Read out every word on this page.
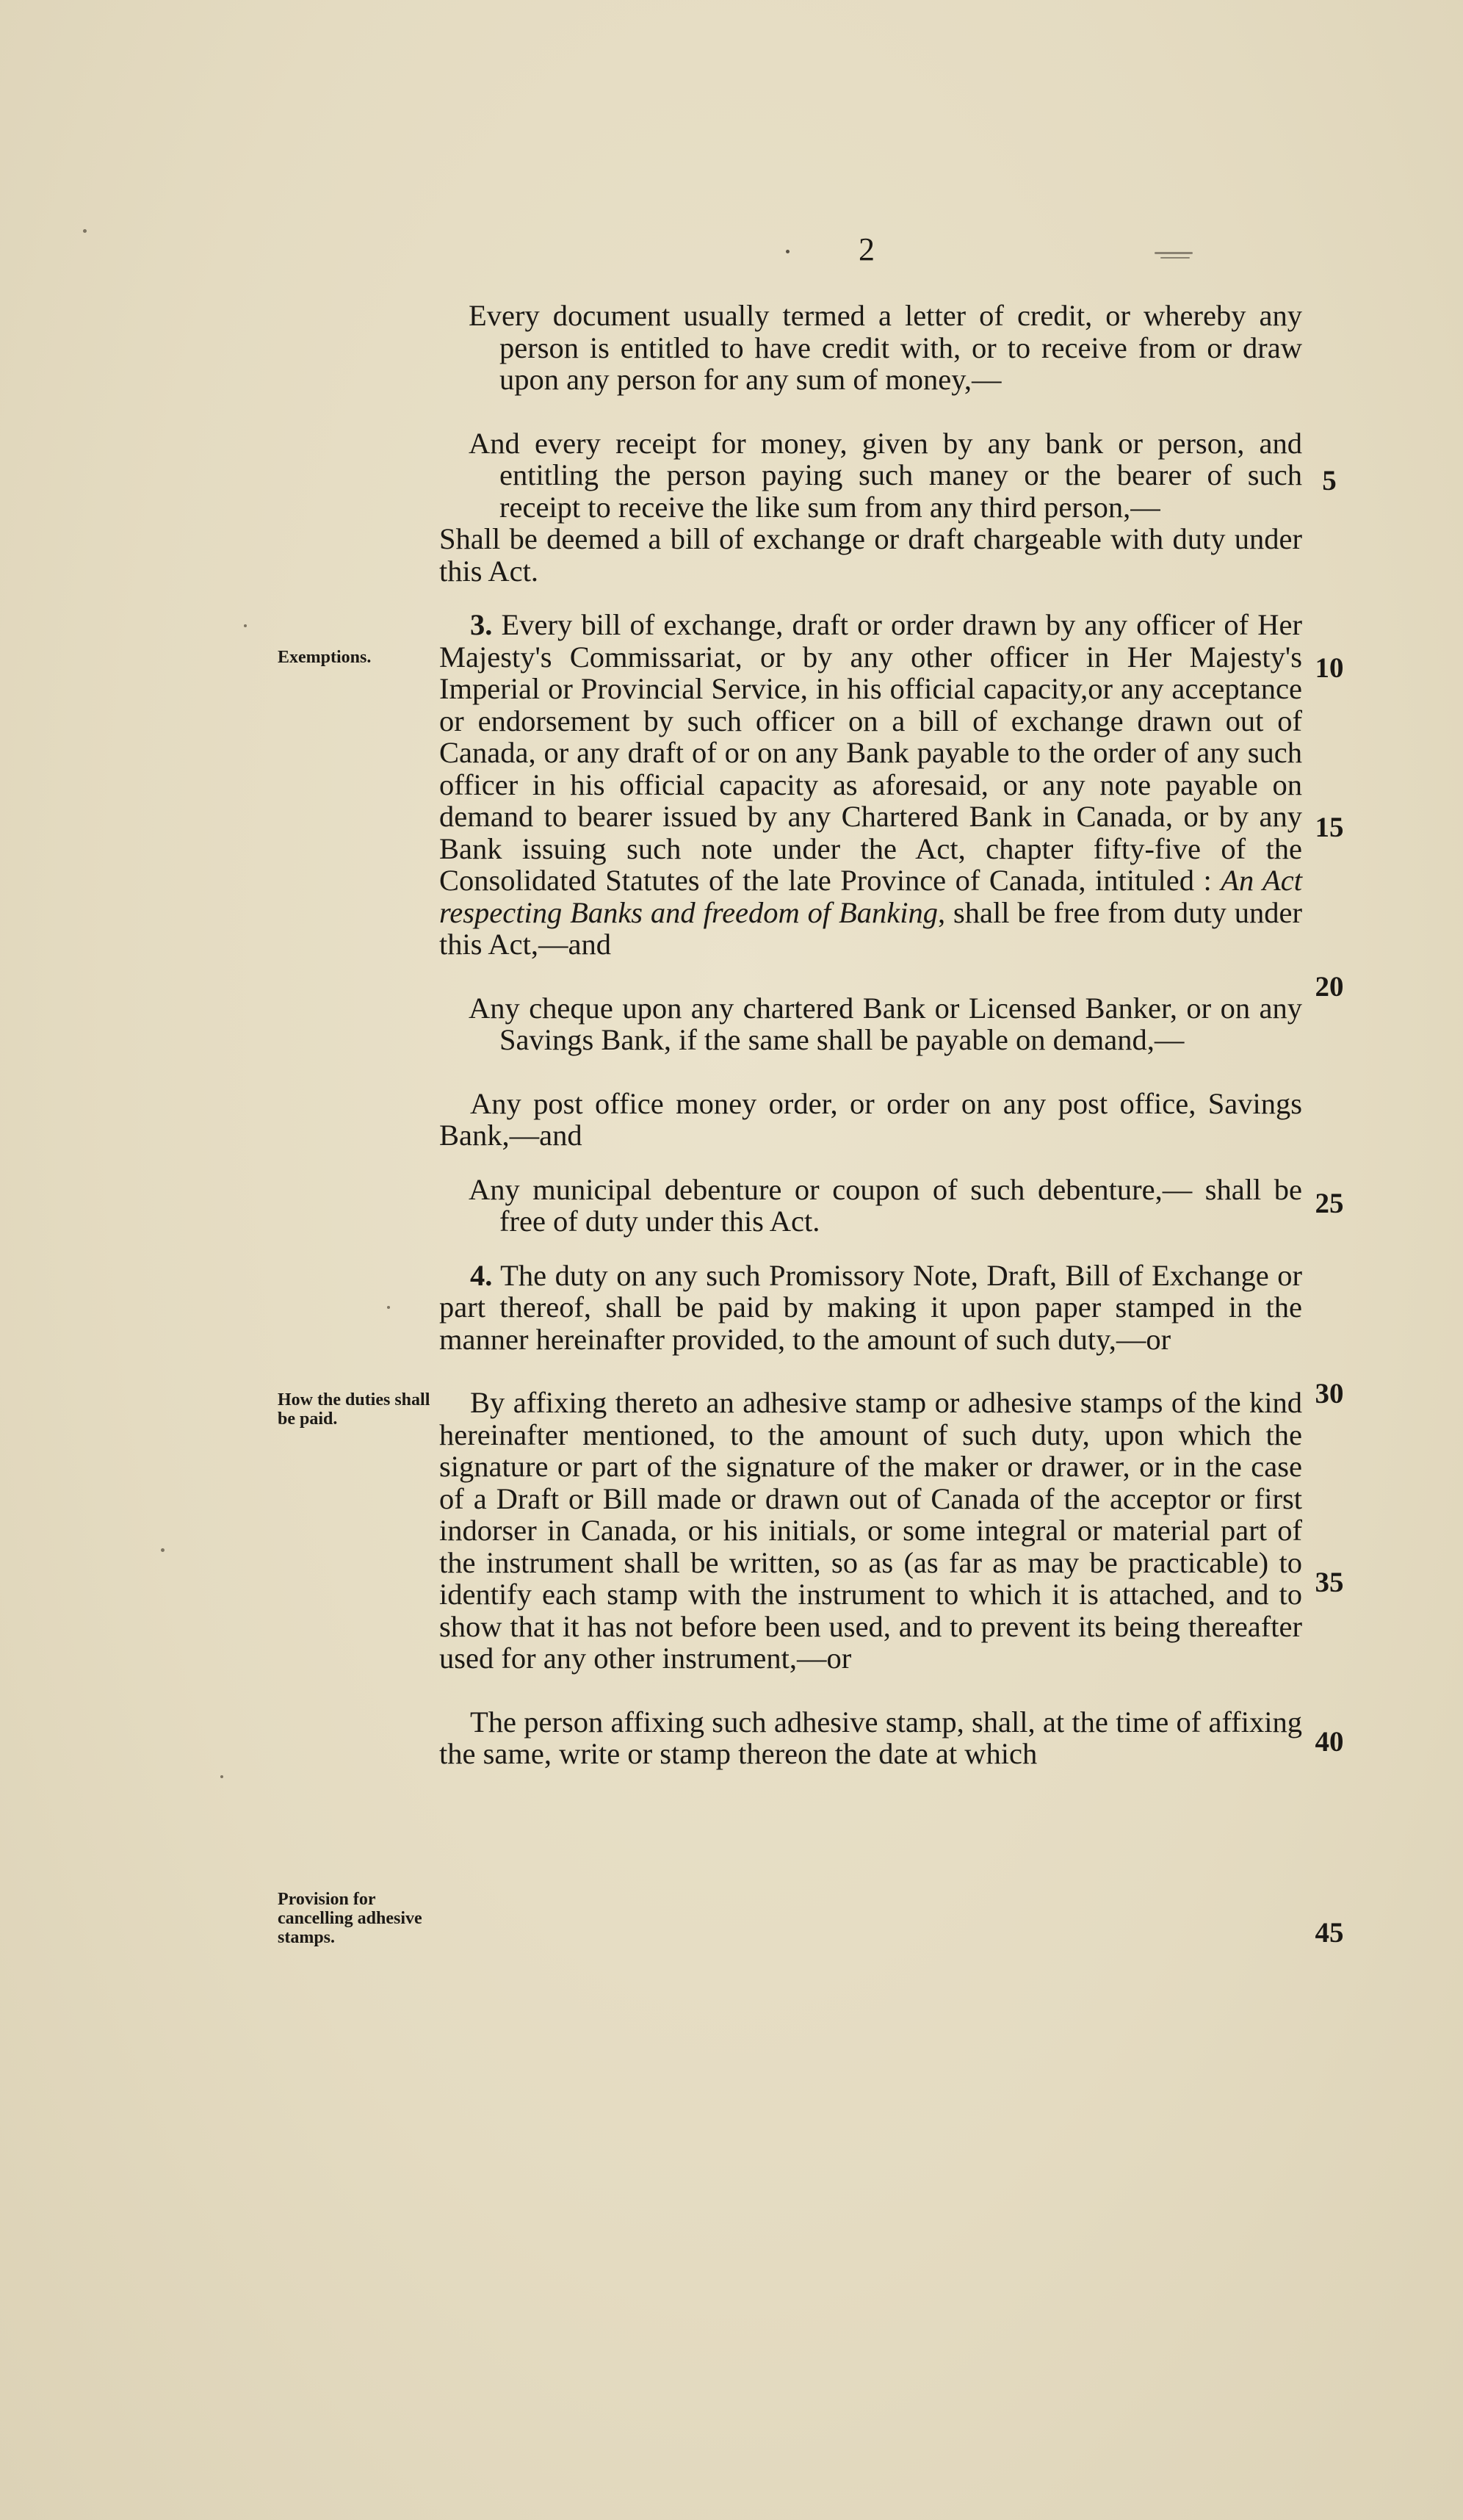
2
Exemptions.
How the duties shall be paid.
Provision for cancelling adhesive stamps.
5
10
15
20
25
30
35
40
45

Every document usually termed a letter of credit, or whereby any person is entitled to have credit with, or to receive from or draw upon any person for any sum of money,—

And every receipt for money, given by any bank or person, and entitling the person paying such maney or the bearer of such receipt to receive the like sum from any third person,—

Shall be deemed a bill of exchange or draft chargeable with duty under this Act.

3. Every bill of exchange, draft or order drawn by any officer of Her Majesty's Commissariat, or by any other officer in Her Majesty's Imperial or Provincial Service, in his official capacity,or any acceptance or endorsement by such officer on a bill of exchange drawn out of Canada, or any draft of or on any Bank payable to the order of any such officer in his official capacity as aforesaid, or any note payable on demand to bearer issued by any Chartered Bank in Canada, or by any Bank issuing such note under the Act, chapter fifty-five of the Consolidated Statutes of the late Province of Canada, intituled : An Act respecting Banks and freedom of Banking, shall be free from duty under this Act,—and

Any cheque upon any chartered Bank or Licensed Banker, or on any Savings Bank, if the same shall be payable on demand,—

Any post office money order, or order on any post office, Savings Bank,—and

Any municipal debenture or coupon of such debenture,— shall be free of duty under this Act.

4. The duty on any such Promissory Note, Draft, Bill of Exchange or part thereof, shall be paid by making it upon paper stamped in the manner hereinafter provided, to the amount of such duty,—or

By affixing thereto an adhesive stamp or adhesive stamps of the kind hereinafter mentioned, to the amount of such duty, upon which the signature or part of the signature of the maker or drawer, or in the case of a Draft or Bill made or drawn out of Canada of the acceptor or first indorser in Canada, or his initials, or some integral or material part of the instrument shall be written, so as (as far as may be practicable) to identify each stamp with the instrument to which it is attached, and to show that it has not before been used, and to prevent its being thereafter used for any other instrument,—or

The person affixing such adhesive stamp, shall, at the time of affixing the same, write or stamp thereon the date at which
